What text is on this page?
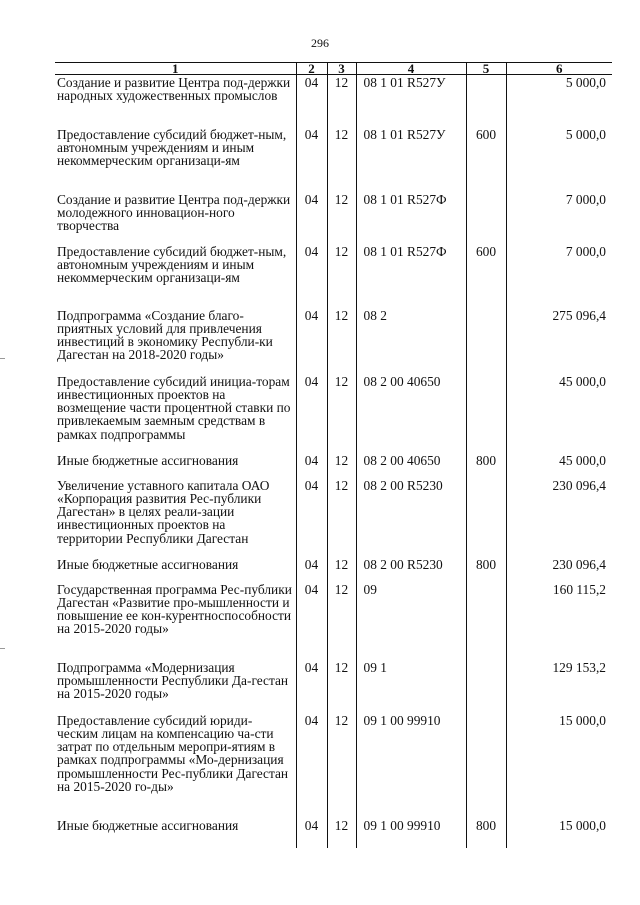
296
1	2	3	4	5	6
Создание и развитие Центра под-держки народных художественных промыслов	04	12	08 1 01 R527У		5 000,0
Предоставление субсидий бюджет-ным, автономным учреждениям и иным некоммерческим организаци-ям	04	12	08 1 01 R527У	600	5 000,0
Создание и развитие Центра под-держки молодежного инновацион-ного творчества	04	12	08 1 01 R527Ф		7 000,0
Предоставление субсидий бюджет-ным, автономным учреждениям и иным некоммерческим организаци-ям	04	12	08 1 01 R527Ф	600	7 000,0
Подпрограмма «Создание благо-приятных условий для привлечения инвестиций в экономику Республи-ки Дагестан на 2018-2020 годы»	04	12	08 2		275 096,4
Предоставление субсидий инициа-торам инвестиционных проектов на возмещение части процентной ставки по привлекаемым заемным средствам в рамках подпрограммы	04	12	08 2 00 40650		45 000,0
Иные бюджетные ассигнования	04	12	08 2 00 40650	800	45 000,0
Увеличение уставного капитала ОАО «Корпорация развития Рес-публики Дагестан» в целях реали-зации инвестиционных проектов на территории Республики Дагестан	04	12	08 2 00 R5230		230 096,4
Иные бюджетные ассигнования	04	12	08 2 00 R5230	800	230 096,4
Государственная программа Рес-публики Дагестан «Развитие про-мышленности и повышение ее кон-курентноспособности на 2015-2020 годы»	04	12	09		160 115,2
Подпрограмма «Модернизация промышленности Республики Да-гестан на 2015-2020 годы»	04	12	09 1		129 153,2
Предоставление субсидий юриди-ческим лицам на компенсацию ча-сти затрат по отдельным меропри-ятиям в рамках подпрограммы «Мо-дернизация промышленности Рес-публики Дагестан на 2015-2020 го-ды»	04	12	09 1 00 99910		15 000,0
Иные бюджетные ассигнования	04	12	09 1 00 99910	800	15 000,0
